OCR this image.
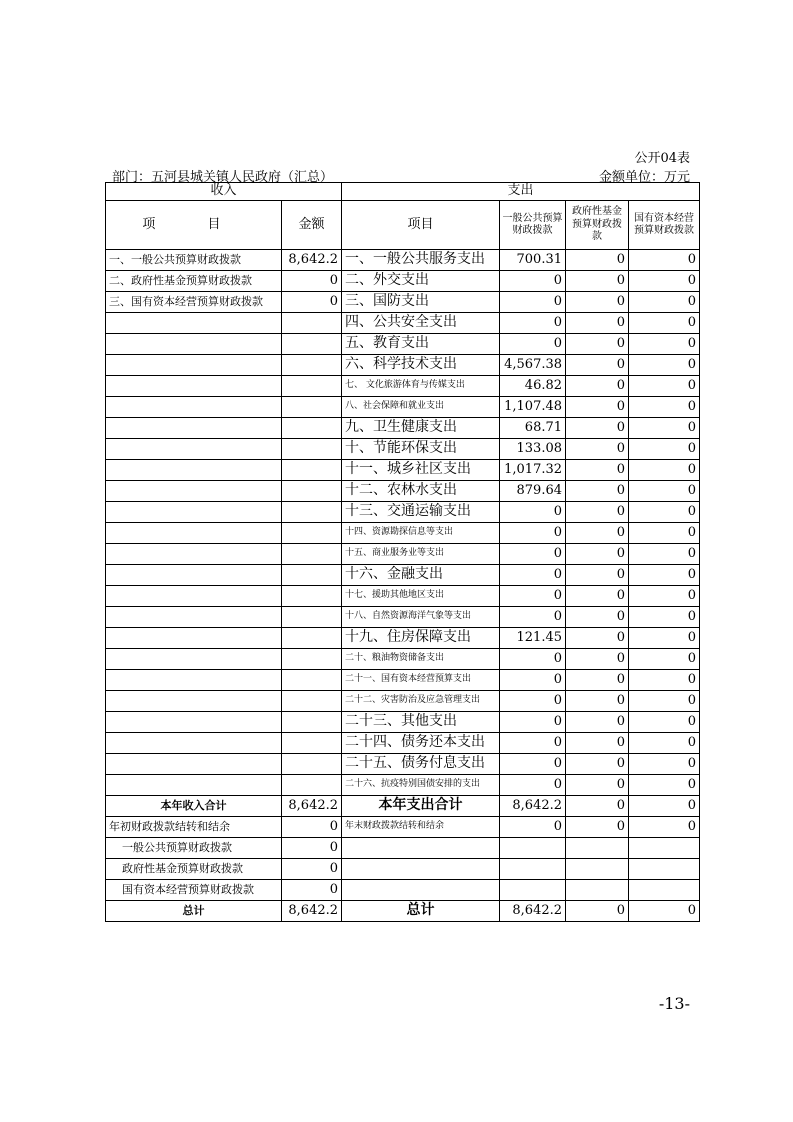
公开04表
部门：五河县城关镇人民政府（汇总）	金额单位：万元
收入		支出			
项 目	金额	项目	一般公共预算财政拨款	政府性基金预算财政拨款	国有资本经营预算财政拨款
一、一般公共预算财政拨款	8,642.2	一、一般公共服务支出	700.31	0	0
二、政府性基金预算财政拨款	0	二、外交支出	0	0	0
三、国有资本经营预算财政拨款	0	三、国防支出	0	0	0
		四、公共安全支出	0	0	0
		五、教育支出	0	0	0
		六、科学技术支出	4,567.38	0	0
		七、 文化旅游体育与传媒支出	46.82	0	0
		八、社会保障和就业支出	1,107.48	0	0
		九、卫生健康支出	68.71	0	0
		十、节能环保支出	133.08	0	0
		十一、城乡社区支出	1,017.32	0	0
		十二、农林水支出	879.64	0	0
		十三、交通运输支出	0	0	0
		十四、资源勘探信息等支出	0	0	0
		十五、商业服务业等支出	0	0	0
		十六、金融支出	0	0	0
		十七、援助其他地区支出	0	0	0
		十八、自然资源海洋气象等支出	0	0	0
		十九、住房保障支出	121.45	0	0
		二十、粮油物资储备支出	0	0	0
		二十一、国有资本经营预算支出	0	0	0
		二十二、灾害防治及应急管理支出	0	0	0
		二十三、其他支出	0	0	0
		二十四、债务还本支出	0	0	0
		二十五、债务付息支出	0	0	0
		二十六、抗疫特别国债安排的支出	0	0	0
本年收入合计	8,642.2	本年支出合计	8,642.2	0	0
年初财政拨款结转和结余	0	年末财政拨款结转和结余	0	0	0
一般公共预算财政拨款	0				
政府性基金预算财政拨款	0				
国有资本经营预算财政拨款	0				
总计	8,642.2	总计	8,642.2	0	0
-13-
